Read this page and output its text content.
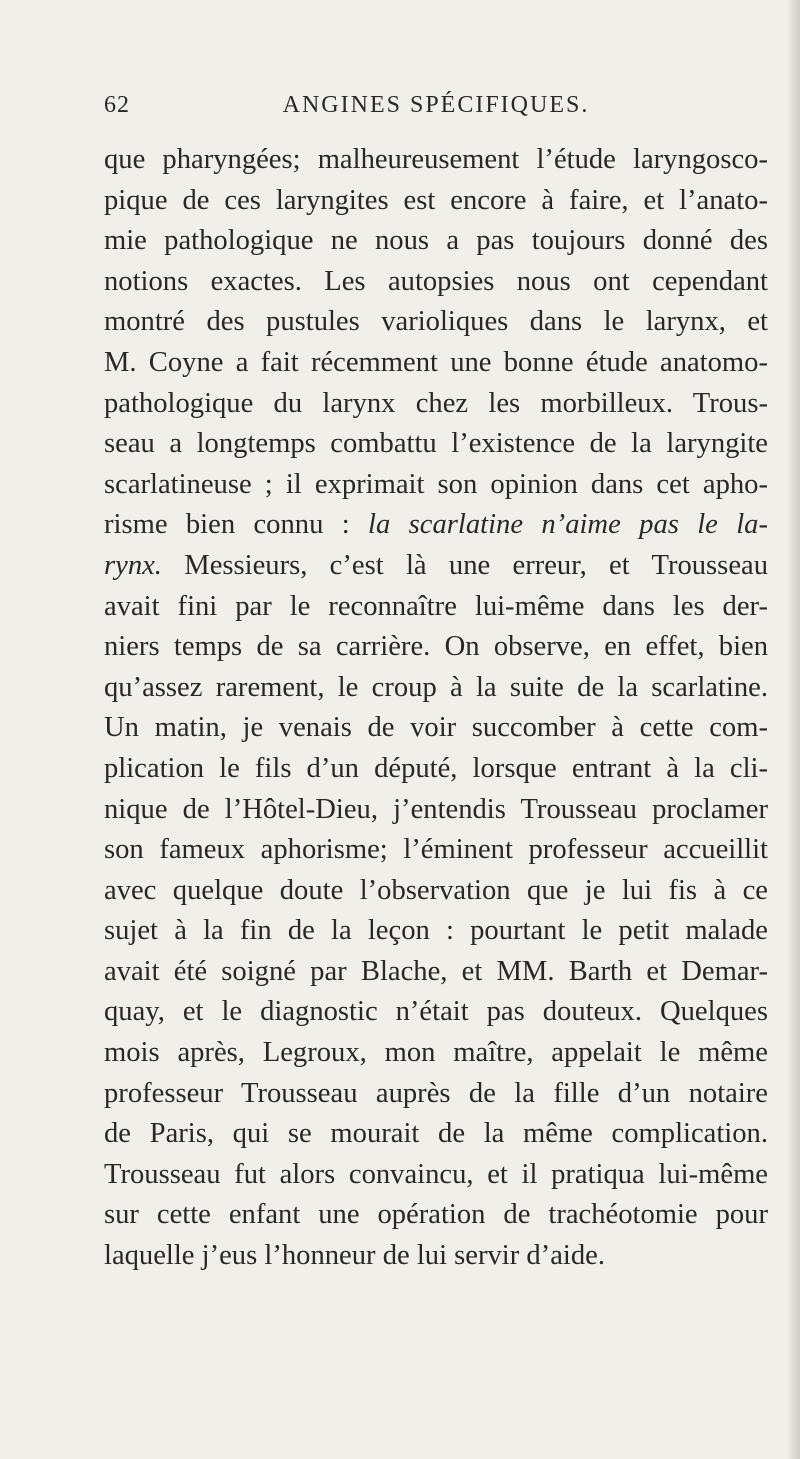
62	ANGINES SPÉCIFIQUES.
que pharyngées; malheureusement l’étude laryngosco-
pique de ces laryngites est encore à faire, et l’anato-
mie pathologique ne nous a pas toujours donné des
notions exactes. Les autopsies nous ont cependant
montré des pustules varioliques dans le larynx, et
M. Coyne a fait récemment une bonne étude anatomo-
pathologique du larynx chez les morbilleux. Trous-
seau a longtemps combattu l’existence de la laryngite
scarlatineuse ; il exprimait son opinion dans cet apho-
risme bien connu : la scarlatine n’aime pas le la-
rynx. Messieurs, c’est là une erreur, et Trousseau
avait fini par le reconnaître lui-même dans les der-
niers temps de sa carrière. On observe, en effet, bien
qu’assez rarement, le croup à la suite de la scarlatine.
Un matin, je venais de voir succomber à cette com-
plication le fils d’un député, lorsque entrant à la cli-
nique de l’Hôtel-Dieu, j’entendis Trousseau proclamer
son fameux aphorisme; l’éminent professeur accueillit
avec quelque doute l’observation que je lui fis à ce
sujet à la fin de la leçon : pourtant le petit malade
avait été soigné par Blache, et MM. Barth et Demar-
quay, et le diagnostic n’était pas douteux. Quelques
mois après, Legroux, mon maître, appelait le même
professeur Trousseau auprès de la fille d’un notaire
de Paris, qui se mourait de la même complication.
Trousseau fut alors convaincu, et il pratiqua lui-même
sur cette enfant une opération de trachéotomie pour
laquelle j’eus l’honneur de lui servir d’aide.
